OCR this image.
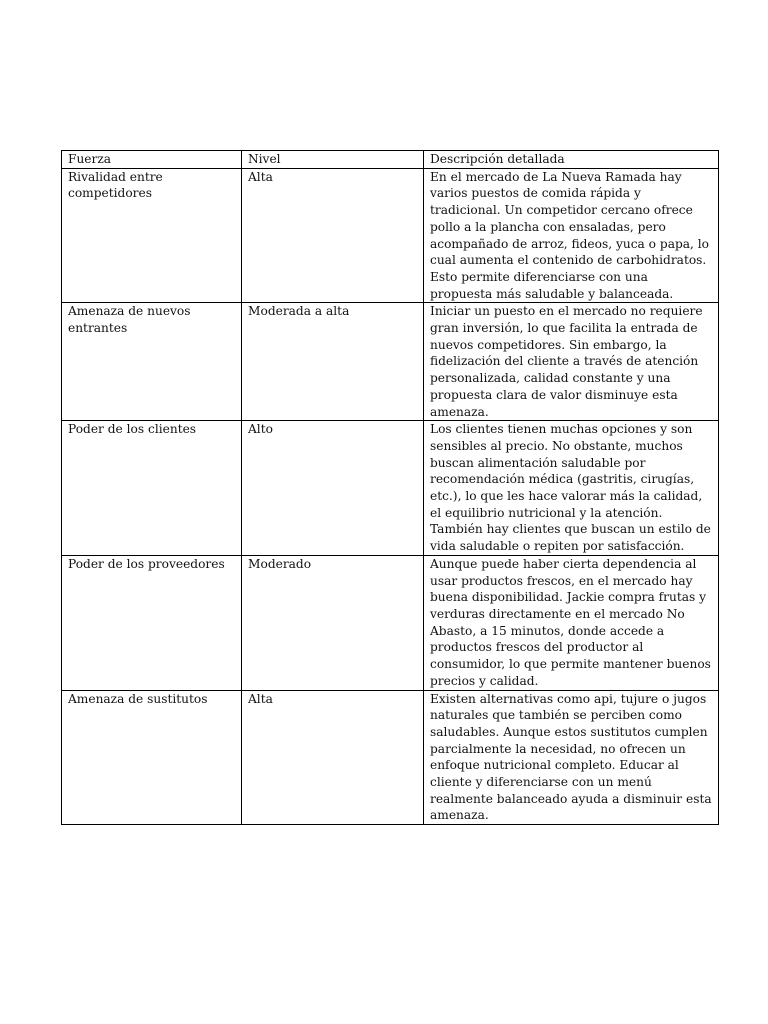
Fuerza	Nivel	Descripción detallada
Rivalidad entre competidores	Alta	En el mercado de La Nueva Ramada hay varios puestos de comida rápida y tradicional. Un competidor cercano ofrece pollo a la plancha con ensaladas, pero acompañado de arroz, fideos, yuca o papa, lo cual aumenta el contenido de carbohidratos. Esto permite diferenciarse con una propuesta más saludable y balanceada.
Amenaza de nuevos entrantes	Moderada a alta	Iniciar un puesto en el mercado no requiere gran inversión, lo que facilita la entrada de nuevos competidores. Sin embargo, la fidelización del cliente a través de atención personalizada, calidad constante y una propuesta clara de valor disminuye esta amenaza.
Poder de los clientes	Alto	Los clientes tienen muchas opciones y son sensibles al precio. No obstante, muchos buscan alimentación saludable por recomendación médica (gastritis, cirugías, etc.), lo que les hace valorar más la calidad, el equilibrio nutricional y la atención. También hay clientes que buscan un estilo de vida saludable o repiten por satisfacción.
Poder de los proveedores	Moderado	Aunque puede haber cierta dependencia al usar productos frescos, en el mercado hay buena disponibilidad. Jackie compra frutas y verduras directamente en el mercado No Abasto, a 15 minutos, donde accede a productos frescos del productor al consumidor, lo que permite mantener buenos precios y calidad.
Amenaza de sustitutos	Alta	Existen alternativas como api, tujure o jugos naturales que también se perciben como saludables. Aunque estos sustitutos cumplen parcialmente la necesidad, no ofrecen un enfoque nutricional completo. Educar al cliente y diferenciarse con un menú realmente balanceado ayuda a disminuir esta amenaza.
